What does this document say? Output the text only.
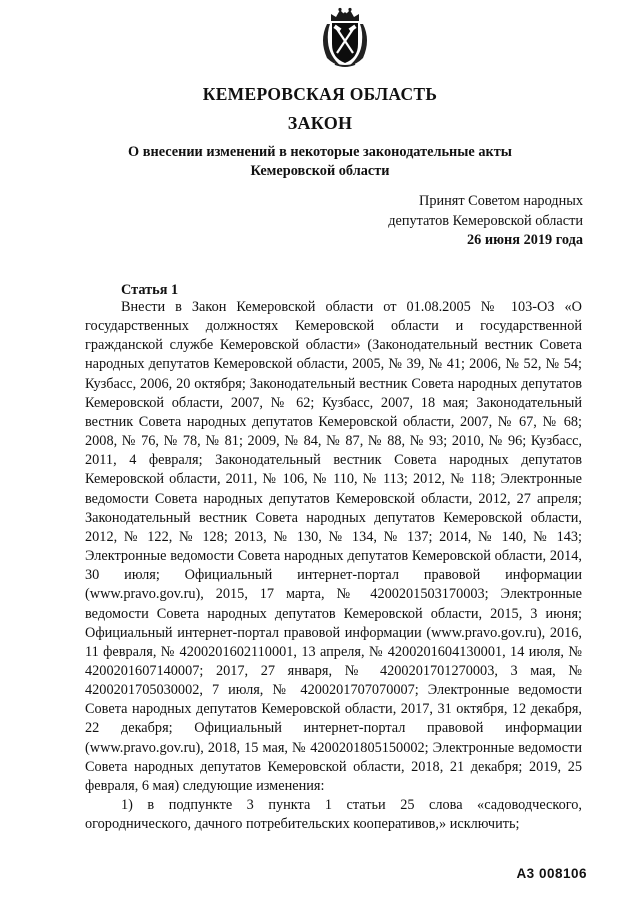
КЕМЕРОВСКАЯ ОБЛАСТЬ
ЗАКОН
О внесении изменений в некоторые законодательные акты
Кемеровской области
Принят Советом народных
депутатов Кемеровской области
26 июня 2019 года
Статья 1

Внести в Закон Кемеровской области от 01.08.2005 № 103-ОЗ «О государственных должностях Кемеровской области и государственной гражданской службе Кемеровской области» (Законодательный вестник Совета народных депутатов Кемеровской области, 2005, № 39, № 41; 2006, № 52, № 54; Кузбасс, 2006, 20 октября; Законодательный вестник Совета народных депутатов Кемеровской области, 2007, № 62; Кузбасс, 2007, 18 мая; Законодательный вестник Совета народных депутатов Кемеровской области, 2007, № 67, № 68; 2008, № 76, № 78, № 81; 2009, № 84, № 87, № 88, № 93; 2010, № 96; Кузбасс, 2011, 4 февраля; Законодательный вестник Совета народных депутатов Кемеровской области, 2011, № 106, № 110, № 113; 2012, № 118; Электронные ведомости Совета народных депутатов Кемеровской области, 2012, 27 апреля; Законодательный вестник Совета народных депутатов Кемеровской области, 2012, № 122, № 128; 2013, № 130, № 134, № 137; 2014, № 140, № 143; Электронные ведомости Совета народных депутатов Кемеровской области, 2014, 30 июля; Официальный интернет-портал правовой информации (www.pravo.gov.ru), 2015, 17 марта, № 4200201503170003; Электронные ведомости Совета народных депутатов Кемеровской области, 2015, 3 июня; Официальный интернет-портал правовой информации (www.pravo.gov.ru), 2016, 11 февраля, № 4200201602110001, 13 апреля, № 4200201604130001, 14 июля, № 4200201607140007; 2017, 27 января, № 4200201701270003, 3 мая, № 4200201705030002, 7 июля, № 4200201707070007; Электронные ведомости Совета народных депутатов Кемеровской области, 2017, 31 октября, 12 декабря, 22 декабря; Официальный интернет-портал правовой информации (www.pravo.gov.ru), 2018, 15 мая, № 4200201805150002; Электронные ведомости Совета народных депутатов Кемеровской области, 2018, 21 декабря; 2019, 25 февраля, 6 мая) следующие изменения:

1) в подпункте 3 пункта 1 статьи 25 слова «садоводческого, огороднического, дачного потребительских кооперативов,» исключить;

А3 008106
